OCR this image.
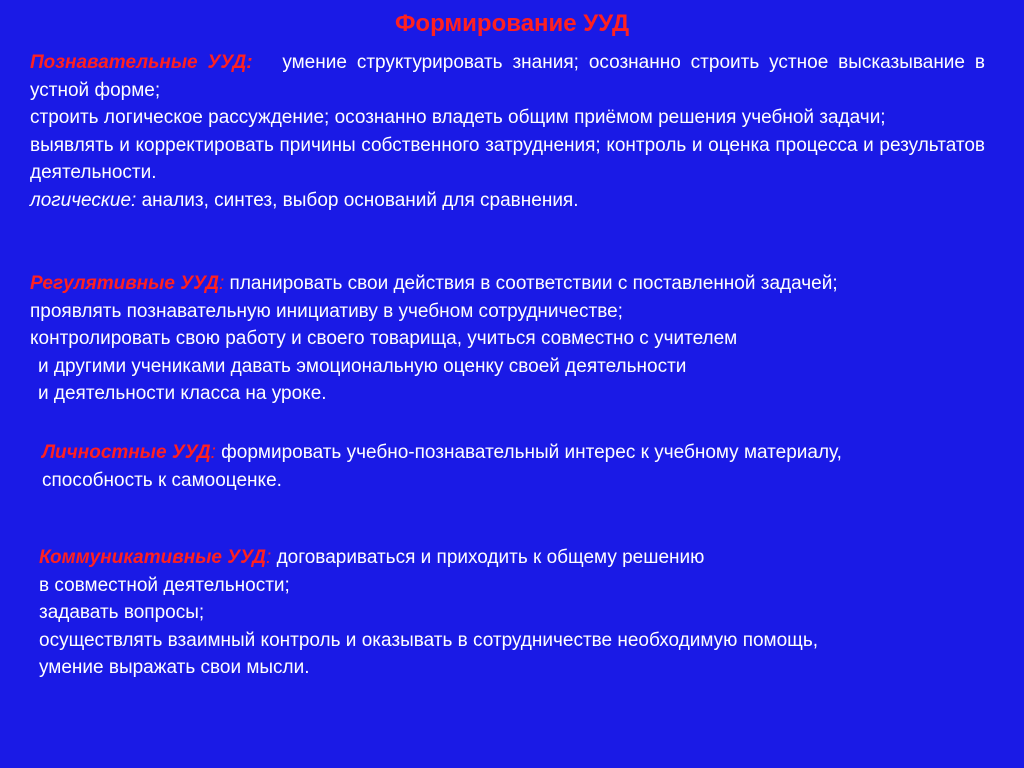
Формирование УУД

Познавательные УУД: умение структурировать знания; осознанно строить устное высказывание в устной форме;

строить логическое рассуждение; осознанно владеть общим приёмом решения учебной задачи;

выявлять и корректировать причины собственного затруднения; контроль и оценка процесса и результатов деятельности.

логические: анализ, синтез, выбор оснований для сравнения.

Регулятивные УУД: планировать свои действия в соответствии с поставленной задачей;

проявлять познавательную инициативу в учебном сотрудничестве;

контролировать свою работу и своего товарища, учиться совместно с учителем

и другими учениками давать эмоциональную оценку своей деятельности

и деятельности класса на уроке.

Личностные УУД: формировать учебно-познавательный интерес к учебному материалу,

способность к самооценке.

Коммуникативные УУД: договариваться и приходить к общему решению

в совместной деятельности;

задавать вопросы;

осуществлять взаимный контроль и оказывать в сотрудничестве необходимую помощь,

умение выражать свои мысли.
